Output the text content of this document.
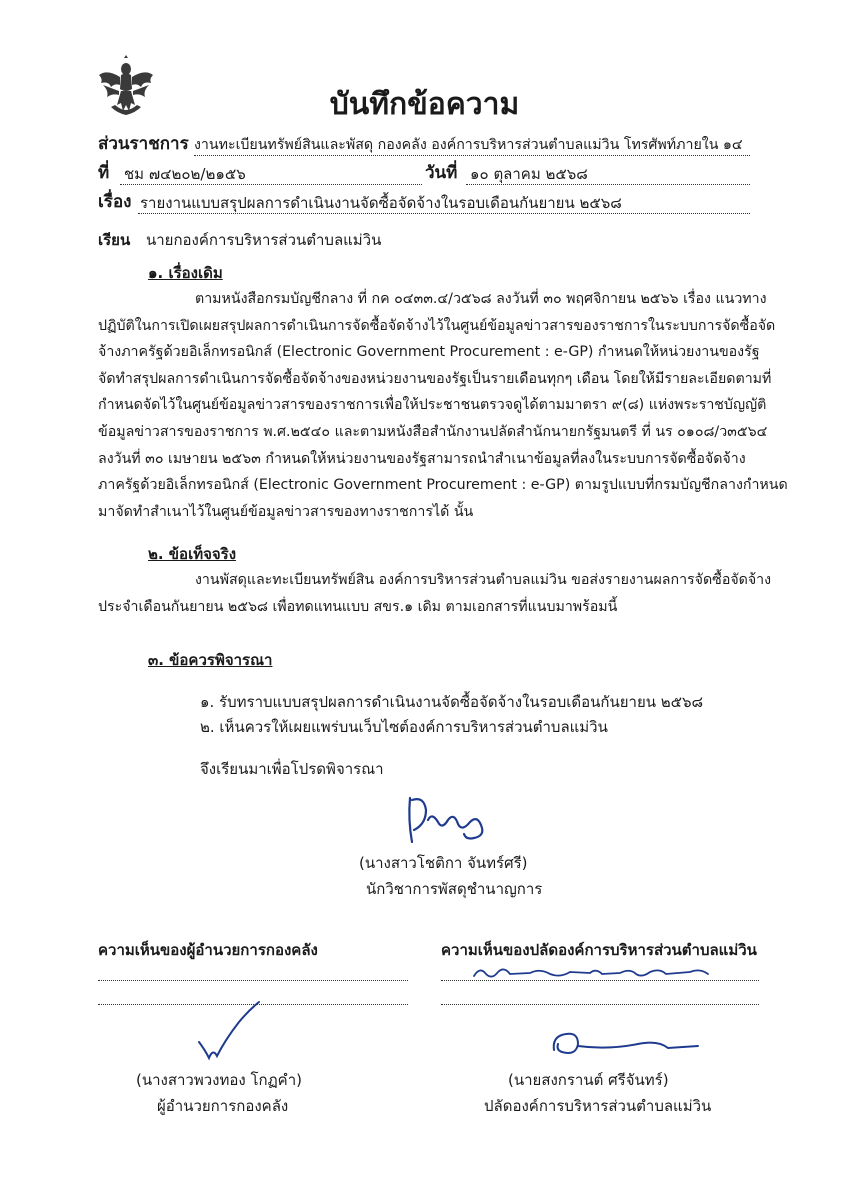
บันทึกข้อความ
ส่วนราชการ งานทะเบียนทรัพย์สินและพัสดุ กองคลัง องค์การบริหารส่วนตำบลแม่วิน โทรศัพท์ภายใน ๑๔
ที่ ชม ๗๔๒๐๒/๒๑๕๖	วันที่ ๑๐ ตุลาคม ๒๕๖๘
เรื่อง รายงานแบบสรุปผลการดำเนินงานจัดซื้อจัดจ้างในรอบเดือนกันยายน ๒๕๖๘
เรียน นายกองค์การบริหารส่วนตำบลแม่วิน
๑. เรื่องเดิม
ตามหนังสือกรมบัญชีกลาง ที่ กค ๐๔๓๓.๔/ว๕๖๘ ลงวันที่ ๓๐ พฤศจิกายน ๒๕๖๖ เรื่อง แนวทาง
ปฏิบัติในการเปิดเผยสรุปผลการดำเนินการจัดซื้อจัดจ้างไว้ในศูนย์ข้อมูลข่าวสารของราชการในระบบการจัดซื้อจัด
จ้างภาครัฐด้วยอิเล็กทรอนิกส์ (Electronic Government Procurement : e-GP) กำหนดให้หน่วยงานของรัฐ
จัดทำสรุปผลการดำเนินการจัดซื้อจัดจ้างของหน่วยงานของรัฐเป็นรายเดือนทุกๆ เดือน โดยให้มีรายละเอียดตามที่
กำหนดจัดไว้ในศูนย์ข้อมูลข่าวสารของราชการเพื่อให้ประชาชนตรวจดูได้ตามมาตรา ๙(๘) แห่งพระราชบัญญัติ
ข้อมูลข่าวสารของราชการ พ.ศ.๒๕๔๐ และตามหนังสือสำนักงานปลัดสำนักนายกรัฐมนตรี ที่ นร ๐๑๐๘/ว๓๕๖๔
ลงวันที่ ๓๐ เมษายน ๒๕๖๓ กำหนดให้หน่วยงานของรัฐสามารถนำสำเนาข้อมูลที่ลงในระบบการจัดซื้อจัดจ้าง
ภาครัฐด้วยอิเล็กทรอนิกส์ (Electronic Government Procurement : e-GP) ตามรูปแบบที่กรมบัญชีกลางกำหนด
มาจัดทำสำเนาไว้ในศูนย์ข้อมูลข่าวสารของทางราชการได้ นั้น
๒. ข้อเท็จจริง
งานพัสดุและทะเบียนทรัพย์สิน องค์การบริหารส่วนตำบลแม่วิน ขอส่งรายงานผลการจัดซื้อจัดจ้าง
ประจำเดือนกันยายน ๒๕๖๘ เพื่อทดแทนแบบ สขร.๑ เดิม ตามเอกสารที่แนบมาพร้อมนี้
๓. ข้อควรพิจารณา
๑. รับทราบแบบสรุปผลการดำเนินงานจัดซื้อจัดจ้างในรอบเดือนกันยายน ๒๕๖๘
๒. เห็นควรให้เผยแพร่บนเว็บไซต์องค์การบริหารส่วนตำบลแม่วิน
จึงเรียนมาเพื่อโปรดพิจารณา
(นางสาวโชติกา จันทร์ศรี)
นักวิชาการพัสดุชำนาญการ
ความเห็นของผู้อำนวยการกองคลัง	ความเห็นของปลัดองค์การบริหารส่วนตำบลแม่วิน
(นางสาวพวงทอง โกฏคำ)
ผู้อำนวยการกองคลัง
(นายสงกรานต์ ศรีจันทร์)
ปลัดองค์การบริหารส่วนตำบลแม่วิน
